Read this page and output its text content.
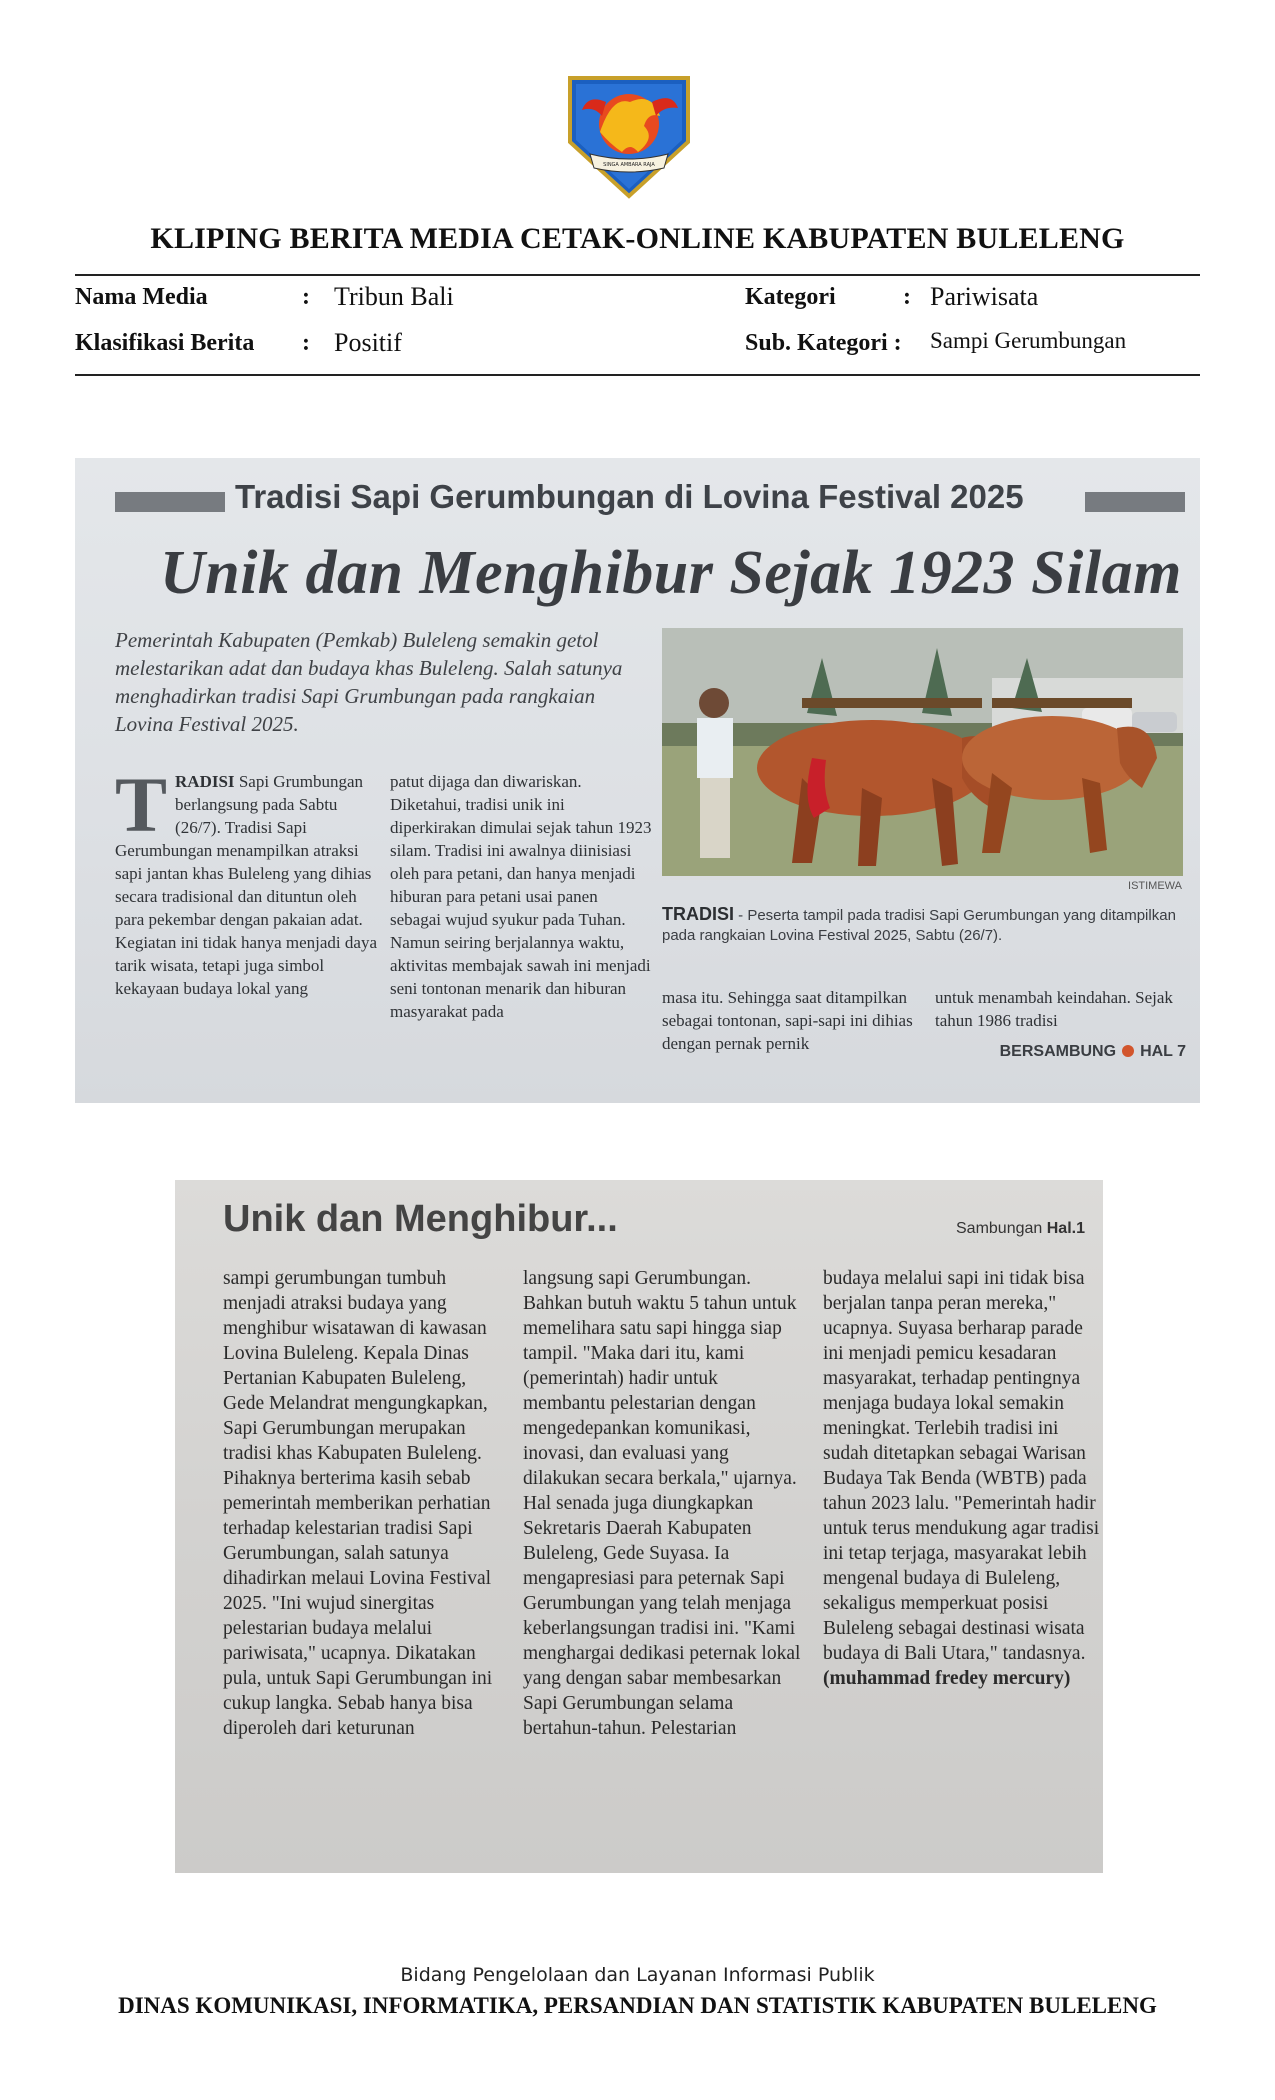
SINGA AMBARA RAJA
KLIPING BERITA MEDIA CETAK-ONLINE KABUPATEN BULELENG
Nama Media	: Tribun Bali
Klasifikasi Berita : Positif
Kategori	: Pariwisata
Sub. Kategori : Sampi Gerumbungan
Tradisi Sapi Gerumbungan di Lovina Festival 2025
Unik dan Menghibur Sejak 1923 Silam
Pemerintah Kabupaten (Pemkab) Buleleng semakin getol melestarikan adat dan budaya khas Buleleng. Salah satunya menghadirkan tradisi Sapi Grumbungan pada rangkaian Lovina Festival 2025.
TRADISI Sapi Grumbungan berlangsung pada Sabtu (26/7). Tradisi Sapi Gerumbungan menampilkan atraksi sapi jantan khas Buleleng yang dihias secara tradisional dan dituntun oleh para pekembar dengan pakaian adat. Kegiatan ini tidak hanya menjadi daya tarik wisata, tetapi juga simbol kekayaan budaya lokal yang
patut dijaga dan diwariskan. Diketahui, tradisi unik ini diperkirakan dimulai sejak tahun 1923 silam. Tradisi ini awalnya diinisiasi oleh para petani, dan hanya menjadi hiburan para petani usai panen sebagai wujud syukur pada Tuhan. Namun seiring berjalannya waktu, aktivitas membajak sawah ini menjadi seni tontonan menarik dan hiburan masyarakat pada
ISTIMEWA
TRADISI - Peserta tampil pada tradisi Sapi Gerumbungan yang ditampilkan pada rangkaian Lovina Festival 2025, Sabtu (26/7).
masa itu. Sehingga saat ditampilkan sebagai tontonan, sapi-sapi ini dihias dengan pernak pernik
untuk menambah keindahan. Sejak tahun 1986 tradisi
BERSAMBUNG HAL 7
Unik dan Menghibur...	Sambungan Hal.1
sampi gerumbungan tumbuh menjadi atraksi budaya yang menghibur wisatawan di kawasan Lovina Buleleng. Kepala Dinas Pertanian Kabupaten Buleleng, Gede Melandrat mengungkapkan, Sapi Gerumbungan merupakan tradisi khas Kabupaten Buleleng. Pihaknya berterima kasih sebab pemerintah memberikan perhatian terhadap kelestarian tradisi Sapi Gerumbungan, salah satunya dihadirkan melaui Lovina Festival 2025. "Ini wujud sinergitas pelestarian budaya melalui pariwisata," ucapnya. Dikatakan pula, untuk Sapi Gerumbungan ini cukup langka. Sebab hanya bisa diperoleh dari keturunan
langsung sapi Gerumbungan. Bahkan butuh waktu 5 tahun untuk memelihara satu sapi hingga siap tampil. "Maka dari itu, kami (pemerintah) hadir untuk membantu pelestarian dengan mengedepankan komunikasi, inovasi, dan evaluasi yang dilakukan secara berkala," ujarnya. Hal senada juga diungkapkan Sekretaris Daerah Kabupaten Buleleng, Gede Suyasa. Ia mengapresiasi para peternak Sapi Gerumbungan yang telah menjaga keberlangsungan tradisi ini. "Kami menghargai dedikasi peternak lokal yang dengan sabar membesarkan Sapi Gerumbungan selama bertahun-tahun. Pelestarian
budaya melalui sapi ini tidak bisa berjalan tanpa peran mereka," ucapnya. Suyasa berharap parade ini menjadi pemicu kesadaran masyarakat, terhadap pentingnya menjaga budaya lokal semakin meningkat. Terlebih tradisi ini sudah ditetapkan sebagai Warisan Budaya Tak Benda (WBTB) pada tahun 2023 lalu. "Pemerintah hadir untuk terus mendukung agar tradisi ini tetap terjaga, masyarakat lebih mengenal budaya di Buleleng, sekaligus memperkuat posisi Buleleng sebagai destinasi wisata budaya di Bali Utara," tandasnya. (muhammad fredey mercury)
Bidang Pengelolaan dan Layanan Informasi Publik
DINAS KOMUNIKASI, INFORMATIKA, PERSANDIAN DAN STATISTIK KABUPATEN BULELENG
